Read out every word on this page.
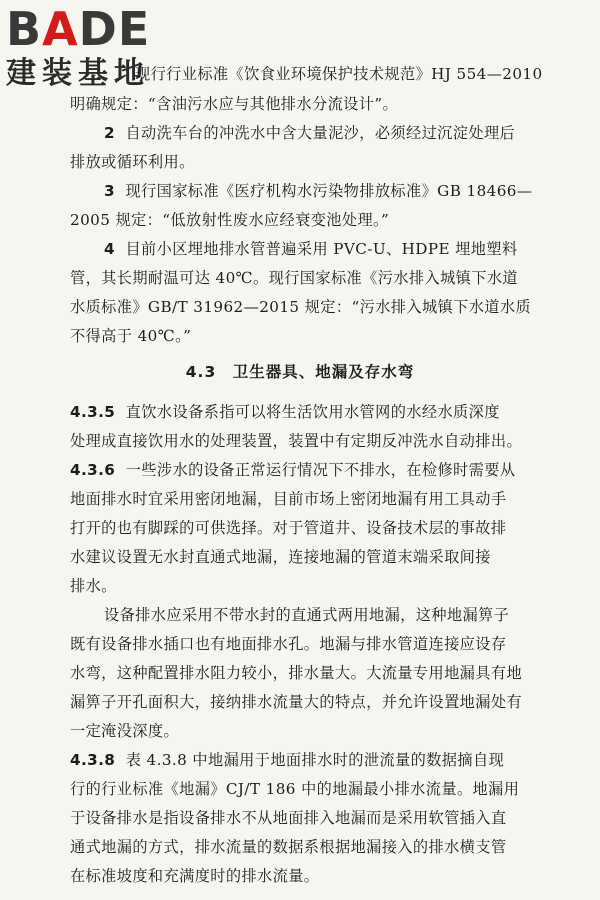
BADE
建装基地
现行行业标准《饮食业环境保护技术规范》HJ 554—2010
明确规定：“含油污水应与其他排水分流设计”。
2 自动洗车台的冲洗水中含大量泥沙，必须经过沉淀处理后
排放或循环利用。
3 现行国家标准《医疗机构水污染物排放标准》GB 18466—
2005 规定：“低放射性废水应经衰变池处理。”
4 目前小区埋地排水管普遍采用 PVC-U、HDPE 埋地塑料
管，其长期耐温可达 40℃。现行国家标准《污水排入城镇下水道
水质标准》GB/T 31962—2015 规定：“污水排入城镇下水道水质
不得高于 40℃。”
4.3　卫生器具、地漏及存水弯
4.3.5 直饮水设备系指可以将生活饮用水管网的水经水质深度
处理成直接饮用水的处理装置，装置中有定期反冲洗水自动排出。
4.3.6 一些涉水的设备正常运行情况下不排水，在检修时需要从
地面排水时宜采用密闭地漏，目前市场上密闭地漏有用工具动手
打开的也有脚踩的可供选择。对于管道井、设备技术层的事故排
水建议设置无水封直通式地漏，连接地漏的管道末端采取间接
排水。
设备排水应采用不带水封的直通式两用地漏，这种地漏箅子
既有设备排水插口也有地面排水孔。地漏与排水管道连接应设存
水弯，这种配置排水阻力较小，排水量大。大流量专用地漏具有地
漏箅子开孔面积大，接纳排水流量大的特点，并允许设置地漏处有
一定淹没深度。
4.3.8 表 4.3.8 中地漏用于地面排水时的泄流量的数据摘自现
行的行业标准《地漏》CJ/T 186 中的地漏最小排水流量。地漏用
于设备排水是指设备排水不从地面排入地漏而是采用软管插入直
通式地漏的方式，排水流量的数据系根据地漏接入的排水横支管
在标准坡度和充满度时的排水流量。
